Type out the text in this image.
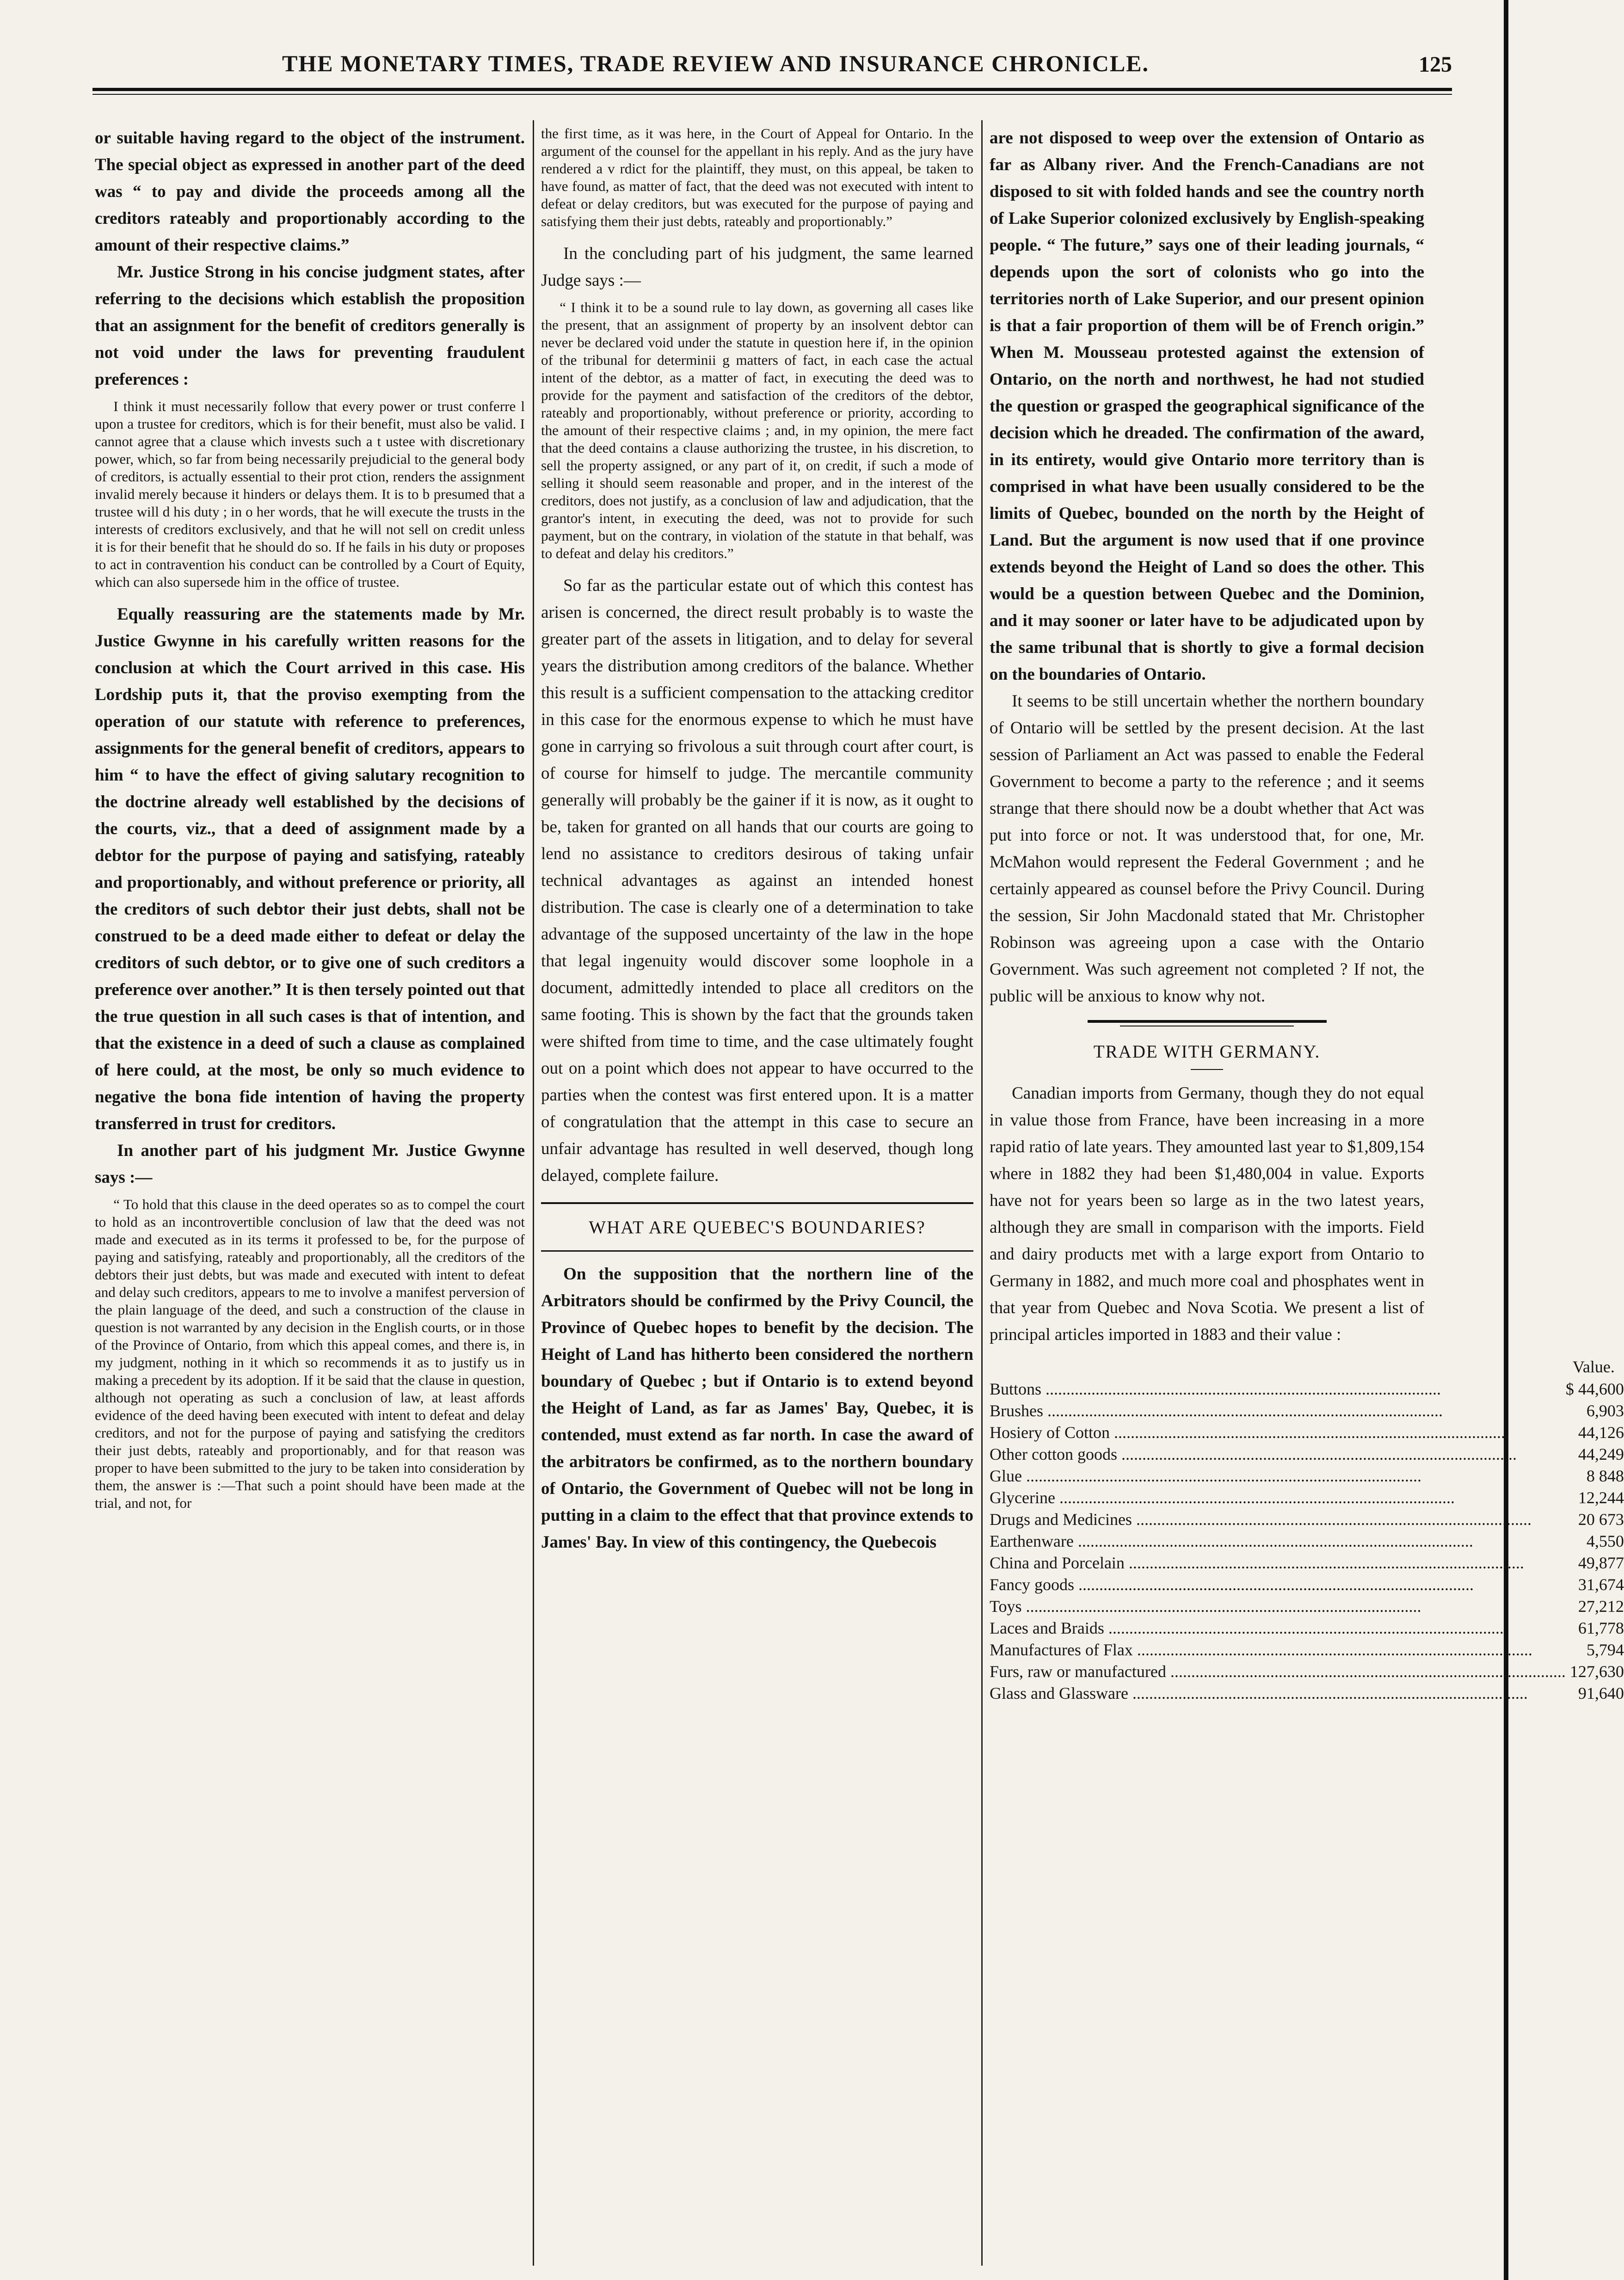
THE MONETARY TIMES, TRADE REVIEW AND INSURANCE CHRONICLE.	125

or suitable having regard to the object of the instrument. The special object as expressed in another part of the deed was “ to pay and divide the proceeds among all the creditors rateably and proportionably according to the amount of their respective claims.”

Mr. Justice Strong in his concise judgment states, after referring to the decisions which establish the proposition that an assignment for the benefit of creditors generally is not void under the laws for preventing fraudulent preferences :

I think it must necessarily follow that every power or trust conferre l upon a trustee for creditors, which is for their benefit, must also be valid. I cannot agree that a clause which invests such a t ustee with discretionary power, which, so far from being necessarily prejudicial to the general body of creditors, is actually essential to their prot ction, renders the assignment invalid merely because it hinders or delays them. It is to b presumed that a trustee will d his duty ; in o her words, that he will execute the trusts in the interests of creditors exclusively, and that he will not sell on credit unless it is for their benefit that he should do so. If he fails in his duty or proposes to act in contravention his conduct can be controlled by a Court of Equity, which can also supersede him in the office of trustee.

Equally reassuring are the statements made by Mr. Justice Gwynne in his carefully written reasons for the conclusion at which the Court arrived in this case. His Lordship puts it, that the proviso exempting from the operation of our statute with reference to preferences, assignments for the general benefit of creditors, appears to him “ to have the effect of giving salutary recognition to the doctrine already well established by the decisions of the courts, viz., that a deed of assignment made by a debtor for the purpose of paying and satisfying, rateably and proportionably, and without preference or priority, all the creditors of such debtor their just debts, shall not be construed to be a deed made either to defeat or delay the creditors of such debtor, or to give one of such creditors a preference over another.” It is then tersely pointed out that the true question in all such cases is that of intention, and that the existence in a deed of such a clause as complained of here could, at the most, be only so much evidence to negative the bona fide intention of having the property transferred in trust for creditors.

In another part of his judgment Mr. Justice Gwynne says :—

“ To hold that this clause in the deed operates so as to compel the court to hold as an incontrovertible conclusion of law that the deed was not made and executed as in its terms it professed to be, for the purpose of paying and satisfying, rateably and proportionably, all the creditors of the debtors their just debts, but was made and executed with intent to defeat and delay such creditors, appears to me to involve a manifest perversion of the plain language of the deed, and such a construction of the clause in question is not warranted by any decision in the English courts, or in those of the Province of Ontario, from which this appeal comes, and there is, in my judgment, nothing in it which so recommends it as to justify us in making a precedent by its adoption. If it be said that the clause in question, although not operating as such a conclusion of law, at least affords evidence of the deed having been executed with intent to defeat and delay creditors, and not for the purpose of paying and satisfying the creditors their just debts, rateably and proportionably, and for that reason was proper to have been submitted to the jury to be taken into consideration by them, the answer is :—That such a point should have been made at the trial, and not, for

the first time, as it was here, in the Court of Appeal for Ontario. In the argument of the counsel for the appellant in his reply. And as the jury have rendered a v rdict for the plaintiff, they must, on this appeal, be taken to have found, as matter of fact, that the deed was not executed with intent to defeat or delay creditors, but was executed for the purpose of paying and satisfying them their just debts, rateably and proportionably.”

In the concluding part of his judgment, the same learned Judge says :—

“ I think it to be a sound rule to lay down, as governing all cases like the present, that an assignment of property by an insolvent debtor can never be declared void under the statute in question here if, in the opinion of the tribunal for determinii g matters of fact, in each case the actual intent of the debtor, as a matter of fact, in executing the deed was to provide for the payment and satisfaction of the creditors of the debtor, rateably and proportionably, without preference or priority, according to the amount of their respective claims ; and, in my opinion, the mere fact that the deed contains a clause authorizing the trustee, in his discretion, to sell the property assigned, or any part of it, on credit, if such a mode of selling it should seem reasonable and proper, and in the interest of the creditors, does not justify, as a conclusion of law and adjudication, that the grantor's intent, in executing the deed, was not to provide for such payment, but on the contrary, in violation of the statute in that behalf, was to defeat and delay his creditors.”

So far as the particular estate out of which this contest has arisen is concerned, the direct result probably is to waste the greater part of the assets in litigation, and to delay for several years the distribution among creditors of the balance. Whether this result is a sufficient compensation to the attacking creditor in this case for the enormous expense to which he must have gone in carrying so frivolous a suit through court after court, is of course for himself to judge. The mercantile community generally will probably be the gainer if it is now, as it ought to be, taken for granted on all hands that our courts are going to lend no assistance to creditors desirous of taking unfair technical advantages as against an intended honest distribution. The case is clearly one of a determination to take advantage of the supposed uncertainty of the law in the hope that legal ingenuity would discover some loophole in a document, admittedly intended to place all creditors on the same footing. This is shown by the fact that the grounds taken were shifted from time to time, and the case ultimately fought out on a point which does not appear to have occurred to the parties when the contest was first entered upon. It is a matter of congratulation that the attempt in this case to secure an unfair advantage has resulted in well deserved, though long delayed, complete failure.

WHAT ARE QUEBEC'S BOUNDARIES?

On the supposition that the northern line of the Arbitrators should be confirmed by the Privy Council, the Province of Quebec hopes to benefit by the decision. The Height of Land has hitherto been considered the northern boundary of Quebec ; but if Ontario is to extend beyond the Height of Land, as far as James' Bay, Quebec, it is contended, must extend as far north. In case the award of the arbitrators be confirmed, as to the northern boundary of Ontario, the Government of Quebec will not be long in putting in a claim to the effect that that province extends to James' Bay. In view of this contingency, the Quebecois

are not disposed to weep over the extension of Ontario as far as Albany river. And the French-Canadians are not disposed to sit with folded hands and see the country north of Lake Superior colonized exclusively by English-speaking people. “ The future,” says one of their leading journals, “ depends upon the sort of colonists who go into the territories north of Lake Superior, and our present opinion is that a fair proportion of them will be of French origin.” When M. Mousseau protested against the extension of Ontario, on the north and northwest, he had not studied the question or grasped the geographical significance of the decision which he dreaded. The confirmation of the award, in its entirety, would give Ontario more territory than is comprised in what have been usually considered to be the limits of Quebec, bounded on the north by the Height of Land. But the argument is now used that if one province extends beyond the Height of Land so does the other. This would be a question between Quebec and the Dominion, and it may sooner or later have to be adjudicated upon by the same tribunal that is shortly to give a formal decision on the boundaries of Ontario.

It seems to be still uncertain whether the northern boundary of Ontario will be settled by the present decision. At the last session of Parliament an Act was passed to enable the Federal Government to become a party to the reference ; and it seems strange that there should now be a doubt whether that Act was put into force or not. It was understood that, for one, Mr. McMahon would represent the Federal Government ; and he certainly appeared as counsel before the Privy Council. During the session, Sir John Macdonald stated that Mr. Christopher Robinson was agreeing upon a case with the Ontario Government. Was such agreement not completed ? If not, the public will be anxious to know why not.

TRADE WITH GERMANY.

Canadian imports from Germany, though they do not equal in value those from France, have been increasing in a more rapid ratio of late years. They amounted last year to $1,809,154 where in 1882 they had been $1,480,004 in value. Exports have not for years been so large as in the two latest years, although they are small in comparison with the imports. Field and dairy products met with a large export from Ontario to Germany in 1882, and much more coal and phosphates went in that year from Quebec and Nova Scotia. We present a list of principal articles imported in 1883 and their value :

	Value.
Buttons .....	$ 44,600
Brushes .....	6,903
Hosiery of Cotton .....	44,126
Other cotton goods .....	44,249
Glue .....	8 848
Glycerine .....	12,244
Drugs and Medicines .....	20 673
Earthenware .....	4,550
China and Porcelain .....	49,877
Fancy goods .....	31,674
Toys .....	27,212
Laces and Braids .....	61,778
Manufactures of Flax .....	5,794
Furs, raw or manufactured .....	127,630
Glass and Glassware .....	91,640
